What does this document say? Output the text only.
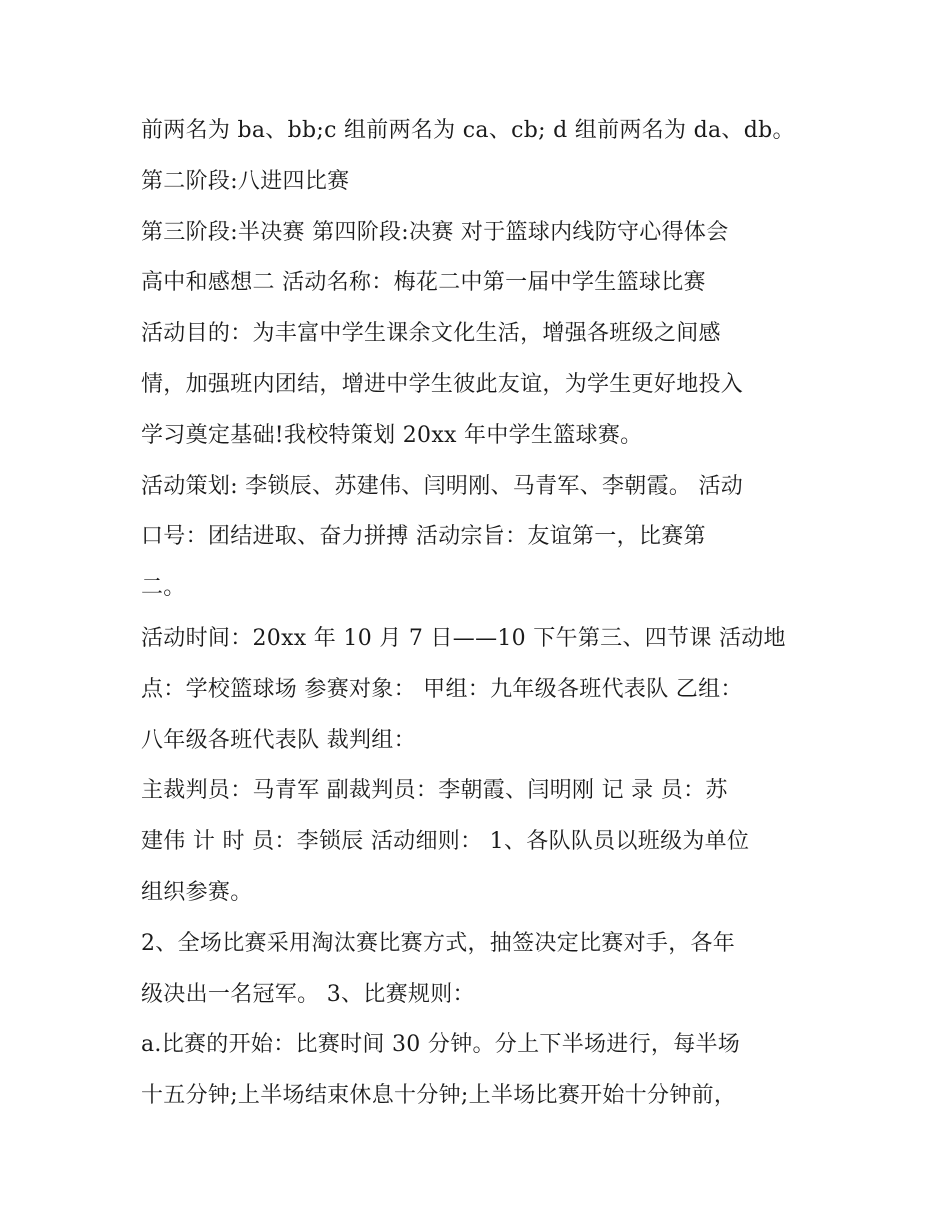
前两名为 ba、bb;c 组前两名为 ca、cb; d 组前两名为 da、db。
第二阶段:八进四比赛
第三阶段:半决赛 第四阶段:决赛 对于篮球内线防守心得体会
高中和感想二 活动名称：梅花二中第一届中学生篮球比赛
活动目的：为丰富中学生课余文化生活，增强各班级之间感
情，加强班内团结，增进中学生彼此友谊，为学生更好地投入
学习奠定基础!我校特策划 20xx 年中学生篮球赛。
活动策划: 李锁辰、苏建伟、闫明刚、马青军、李朝霞。 活动
口号：团结进取、奋力拼搏 活动宗旨：友谊第一，比赛第
二。
活动时间：20xx 年 10 月 7 日——10 下午第三、四节课 活动地
点：学校篮球场 参赛对象： 甲组：九年级各班代表队 乙组：
八年级各班代表队 裁判组：
主裁判员：马青军 副裁判员：李朝霞、闫明刚 记 录 员：苏
建伟 计 时 员：李锁辰 活动细则： 1、各队队员以班级为单位
组织参赛。
2、全场比赛采用淘汰赛比赛方式，抽签决定比赛对手，各年
级决出一名冠军。 3、比赛规则：
a.比赛的开始：比赛时间 30 分钟。分上下半场进行，每半场
十五分钟;上半场结束休息十分钟;上半场比赛开始十分钟前，
